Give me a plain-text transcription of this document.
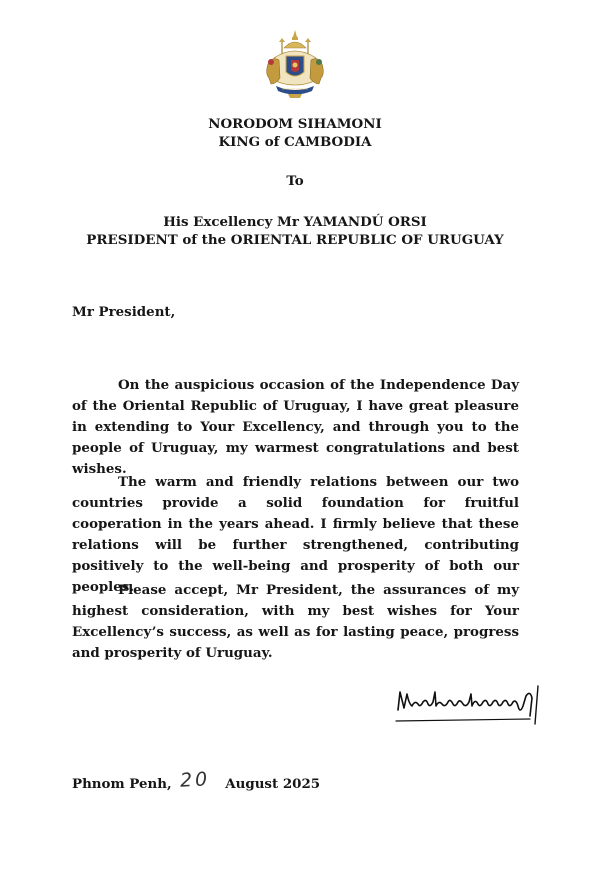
NORODOM SIHAMONI
KING of CAMBODIA
To
His Excellency Mr YAMANDÚ ORSI
PRESIDENT of the ORIENTAL REPUBLIC OF URUGUAY
Mr President,

On the auspicious occasion of the Independence Day of the Oriental Republic of Uruguay, I have great pleasure in extending to Your Excellency, and through you to the people of Uruguay, my warmest congratulations and best wishes.

The warm and friendly relations between our two countries provide a solid foundation for fruitful cooperation in the years ahead. I firmly believe that these relations will be further strengthened, contributing positively to the well-being and prosperity of both our peoples.

Please accept, Mr President, the assurances of my highest consideration, with my best wishes for Your Excellency’s success, as well as for lasting peace, progress and prosperity of Uruguay.

Phnom Penh, 20 August 2025
